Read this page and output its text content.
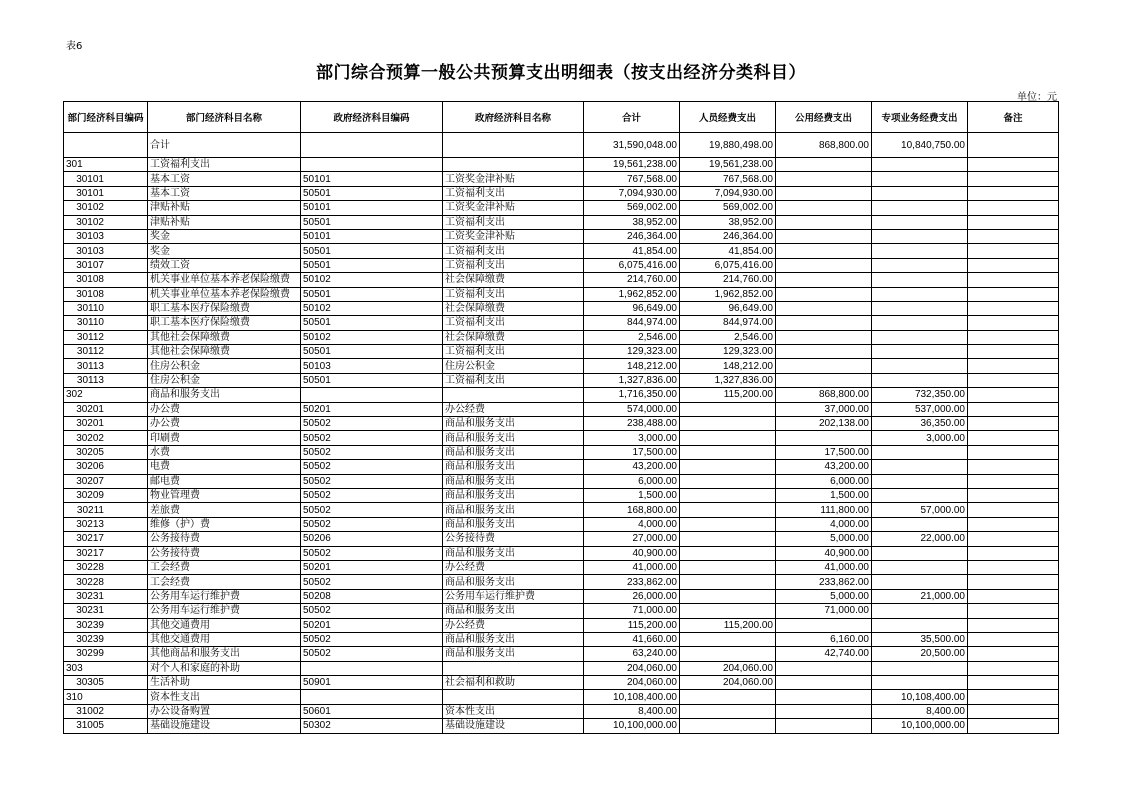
表6
部门综合预算一般公共预算支出明细表（按支出经济分类科目）
单位：元
部门经济科目编码	部门经济科目名称	政府经济科目编码	政府经济科目名称	合计	人员经费支出	公用经费支出	专项业务经费支出	备注
	合计			31,590,048.00	19,880,498.00	868,800.00	10,840,750.00	
301	工资福利支出			19,561,238.00	19,561,238.00			
30101	基本工资	50101	工资奖金津补贴	767,568.00	767,568.00			
30101	基本工资	50501	工资福利支出	7,094,930.00	7,094,930.00			
30102	津贴补贴	50101	工资奖金津补贴	569,002.00	569,002.00			
30102	津贴补贴	50501	工资福利支出	38,952.00	38,952.00			
30103	奖金	50101	工资奖金津补贴	246,364.00	246,364.00			
30103	奖金	50501	工资福利支出	41,854.00	41,854.00			
30107	绩效工资	50501	工资福利支出	6,075,416.00	6,075,416.00			
30108	机关事业单位基本养老保险缴费	50102	社会保障缴费	214,760.00	214,760.00			
30108	机关事业单位基本养老保险缴费	50501	工资福利支出	1,962,852.00	1,962,852.00			
30110	职工基本医疗保险缴费	50102	社会保障缴费	96,649.00	96,649.00			
30110	职工基本医疗保险缴费	50501	工资福利支出	844,974.00	844,974.00			
30112	其他社会保障缴费	50102	社会保障缴费	2,546.00	2,546.00			
30112	其他社会保障缴费	50501	工资福利支出	129,323.00	129,323.00			
30113	住房公积金	50103	住房公积金	148,212.00	148,212.00			
30113	住房公积金	50501	工资福利支出	1,327,836.00	1,327,836.00			
302	商品和服务支出			1,716,350.00	115,200.00	868,800.00	732,350.00	
30201	办公费	50201	办公经费	574,000.00		37,000.00	537,000.00	
30201	办公费	50502	商品和服务支出	238,488.00		202,138.00	36,350.00	
30202	印刷费	50502	商品和服务支出	3,000.00			3,000.00	
30205	水费	50502	商品和服务支出	17,500.00		17,500.00		
30206	电费	50502	商品和服务支出	43,200.00		43,200.00		
30207	邮电费	50502	商品和服务支出	6,000.00		6,000.00		
30209	物业管理费	50502	商品和服务支出	1,500.00		1,500.00		
30211	差旅费	50502	商品和服务支出	168,800.00		111,800.00	57,000.00	
30213	维修（护）费	50502	商品和服务支出	4,000.00		4,000.00		
30217	公务接待费	50206	公务接待费	27,000.00		5,000.00	22,000.00	
30217	公务接待费	50502	商品和服务支出	40,900.00		40,900.00		
30228	工会经费	50201	办公经费	41,000.00		41,000.00		
30228	工会经费	50502	商品和服务支出	233,862.00		233,862.00		
30231	公务用车运行维护费	50208	公务用车运行维护费	26,000.00		5,000.00	21,000.00	
30231	公务用车运行维护费	50502	商品和服务支出	71,000.00		71,000.00		
30239	其他交通费用	50201	办公经费	115,200.00	115,200.00			
30239	其他交通费用	50502	商品和服务支出	41,660.00		6,160.00	35,500.00	
30299	其他商品和服务支出	50502	商品和服务支出	63,240.00		42,740.00	20,500.00	
303	对个人和家庭的补助			204,060.00	204,060.00			
30305	生活补助	50901	社会福利和救助	204,060.00	204,060.00			
310	资本性支出			10,108,400.00			10,108,400.00	
31002	办公设备购置	50601	资本性支出	8,400.00			8,400.00	
31005	基础设施建设	50302	基础设施建设	10,100,000.00			10,100,000.00	
